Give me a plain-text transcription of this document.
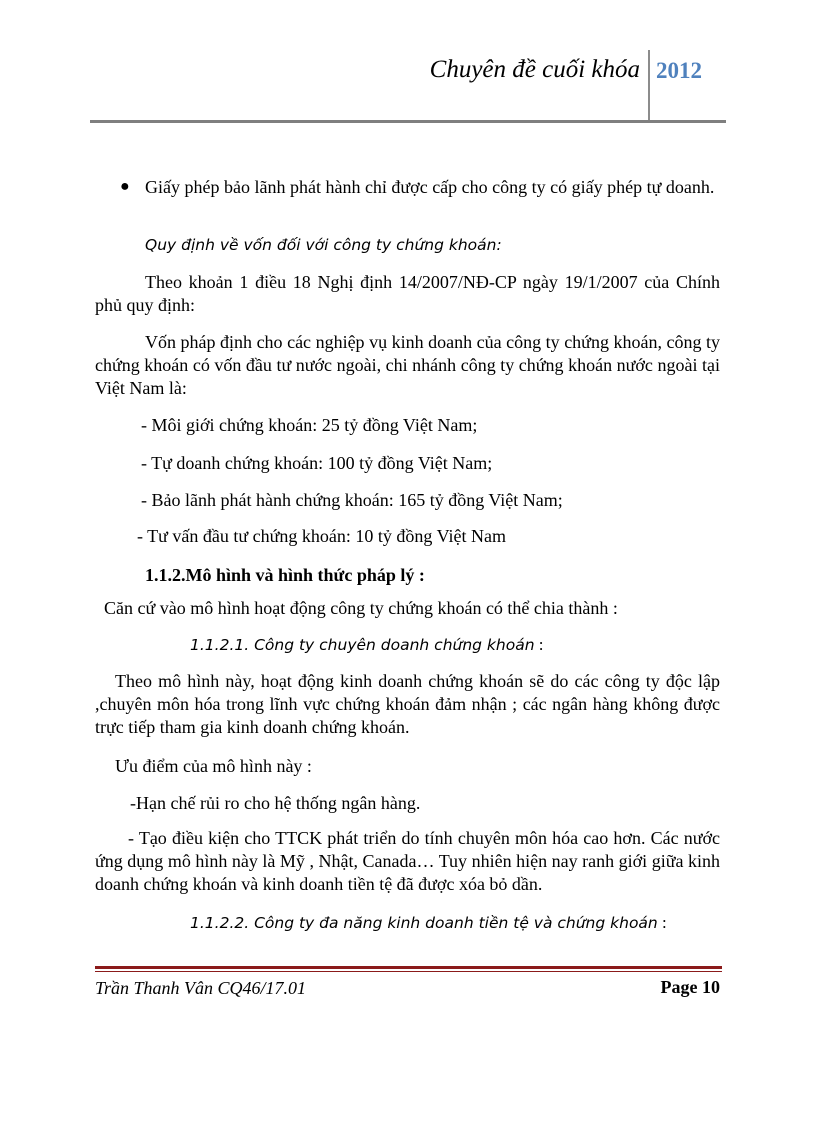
Chuyên đề cuối khóa 2012
● Giấy phép bảo lãnh phát hành chỉ được cấp cho công ty có giấy phép tự doanh.
Quy định về vốn đối với công ty chứng khoán:
Theo khoản 1 điều 18 Nghị định 14/2007/NĐ-CP ngày 19/1/2007 của Chính phủ quy định:
Vốn pháp định cho các nghiệp vụ kinh doanh của công ty chứng khoán, công ty chứng khoán có vốn đầu tư nước ngoài, chi nhánh công ty chứng khoán nước ngoài tại Việt Nam là:
- Môi giới chứng khoán: 25 tỷ đồng Việt Nam;
- Tự doanh chứng khoán: 100 tỷ đồng Việt Nam;
- Bảo lãnh phát hành chứng khoán: 165 tỷ đồng Việt Nam;
- Tư vấn đầu tư chứng khoán: 10 tỷ đồng Việt Nam
1.1.2.Mô hình và hình thức pháp lý :
Căn cứ vào mô hình hoạt động công ty chứng khoán có thể chia thành :
1.1.2.1. Công ty chuyên doanh chứng khoán :
Theo mô hình này, hoạt động kinh doanh chứng khoán sẽ do các công ty độc lập ,chuyên môn hóa trong lĩnh vực chứng khoán đảm nhận ; các ngân hàng không được trực tiếp tham gia kinh doanh chứng khoán.
Ưu điểm của mô hình này :
-Hạn chế rủi ro cho hệ thống ngân hàng.
- Tạo điều kiện cho TTCK phát triển do tính chuyên môn hóa cao hơn. Các nước ứng dụng mô hình này là Mỹ , Nhật, Canada… Tuy nhiên hiện nay ranh giới giữa kinh doanh chứng khoán và kinh doanh tiền tệ đã được xóa bỏ dần.
1.1.2.2. Công ty đa năng kinh doanh tiền tệ và chứng khoán :
Trần Thanh Vân CQ46/17.01	Page 10
